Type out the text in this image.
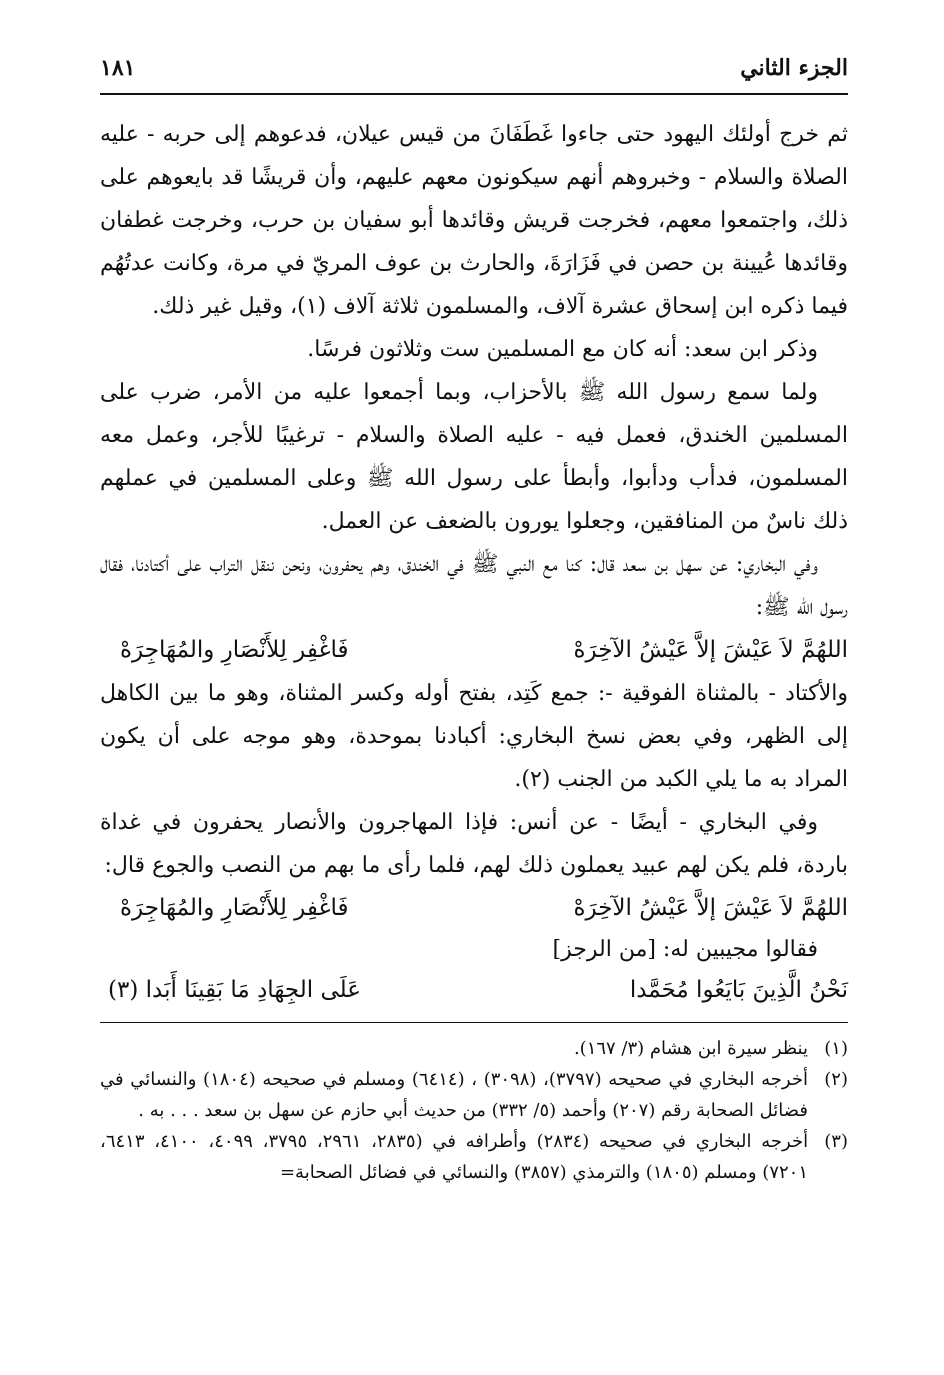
الجزء الثاني
١٨١

ثم خرج أولئك اليهود حتى جاءوا غَطَفَانَ من قيس عيلان، فدعوهم إلى حربه - عليه الصلاة والسلام - وخبروهم أنهم سيكونون معهم عليهم، وأن قريشًا قد بايعوهم على ذلك، واجتمعوا معهم، فخرجت قريش وقائدها أبو سفيان بن حرب، وخرجت غطفان وقائدها عُيينة بن حصن في فَزَارَةَ، والحارث بن عوف المريّ في مرة، وكانت عدتُهُم فيما ذكره ابن إسحاق عشرة آلاف، والمسلمون ثلاثة آلاف (١)، وقيل غير ذلك.

وذكر ابن سعد: أنه كان مع المسلمين ست وثلاثون فرسًا.

ولما سمع رسول الله ﷺ بالأحزاب، وبما أجمعوا عليه من الأمر، ضرب على المسلمين الخندق، فعمل فيه - عليه الصلاة والسلام - ترغيبًا للأجر، وعمل معه المسلمون، فدأب ودأبوا، وأبطأ على رسول الله ﷺ وعلى المسلمين في عملهم ذلك ناسٌ من المنافقين، وجعلوا يورون بالضعف عن العمل.

وفي البخاري: عن سهل بن سعد قال: كنا مع النبي ﷺ في الخندق، وهم يحفرون، ونحن ننقل التراب على أكتادنا، فقال رسول الله ﷺ:

اللهُمَّ لاَ عَيْشَ إلاَّ عَيْشُ الآخِرَهْ
فَاغْفِر لِلأَنْصَارِ والمُهَاجِرَهْ

والأكتاد - بالمثناة الفوقية -: جمع كَتِد، بفتح أوله وكسر المثناة، وهو ما بين الكاهل إلى الظهر، وفي بعض نسخ البخاري: أكبادنا بموحدة، وهو موجه على أن يكون المراد به ما يلي الكبد من الجنب (٢).

وفي البخاري - أيضًا - عن أنس: فإذا المهاجرون والأنصار يحفرون في غداة باردة، فلم يكن لهم عبيد يعملون ذلك لهم، فلما رأى ما بهم من النصب والجوع قال:

اللهُمَّ لاَ عَيْشَ إلاَّ عَيْشُ الآخِرَهْ
فَاغْفِر لِلأَنْصَارِ والمُهَاجِرَهْ
فقالوا مجيبين له: [من الرجز]
نَحْنُ الَّذِينَ بَايَعُوا مُحَمَّدا
عَلَى الجِهَادِ مَا بَقِينَا أَبَدا (٣)
(١)
ينظر سيرة ابن هشام (٣/ ١٦٧).
(٢)
أخرجه البخاري في صحيحه (٣٧٩٧)، (٣٠٩٨) ، (٦٤١٤) ومسلم في صحيحه (١٨٠٤) والنسائي في فضائل الصحابة رقم (٢٠٧) وأحمد (٥/ ٣٣٢) من حديث أبي حازم عن سهل بن سعد . . . به .
(٣)
أخرجه البخاري في صحيحه (٢٨٣٤) وأطرافه في (٢٨٣٥، ٢٩٦١، ٣٧٩٥، ٤٠٩٩، ٤١٠٠، ٦٤١٣، ٧٢٠١) ومسلم (١٨٠٥) والترمذي (٣٨٥٧) والنسائي في فضائل الصحابة=
